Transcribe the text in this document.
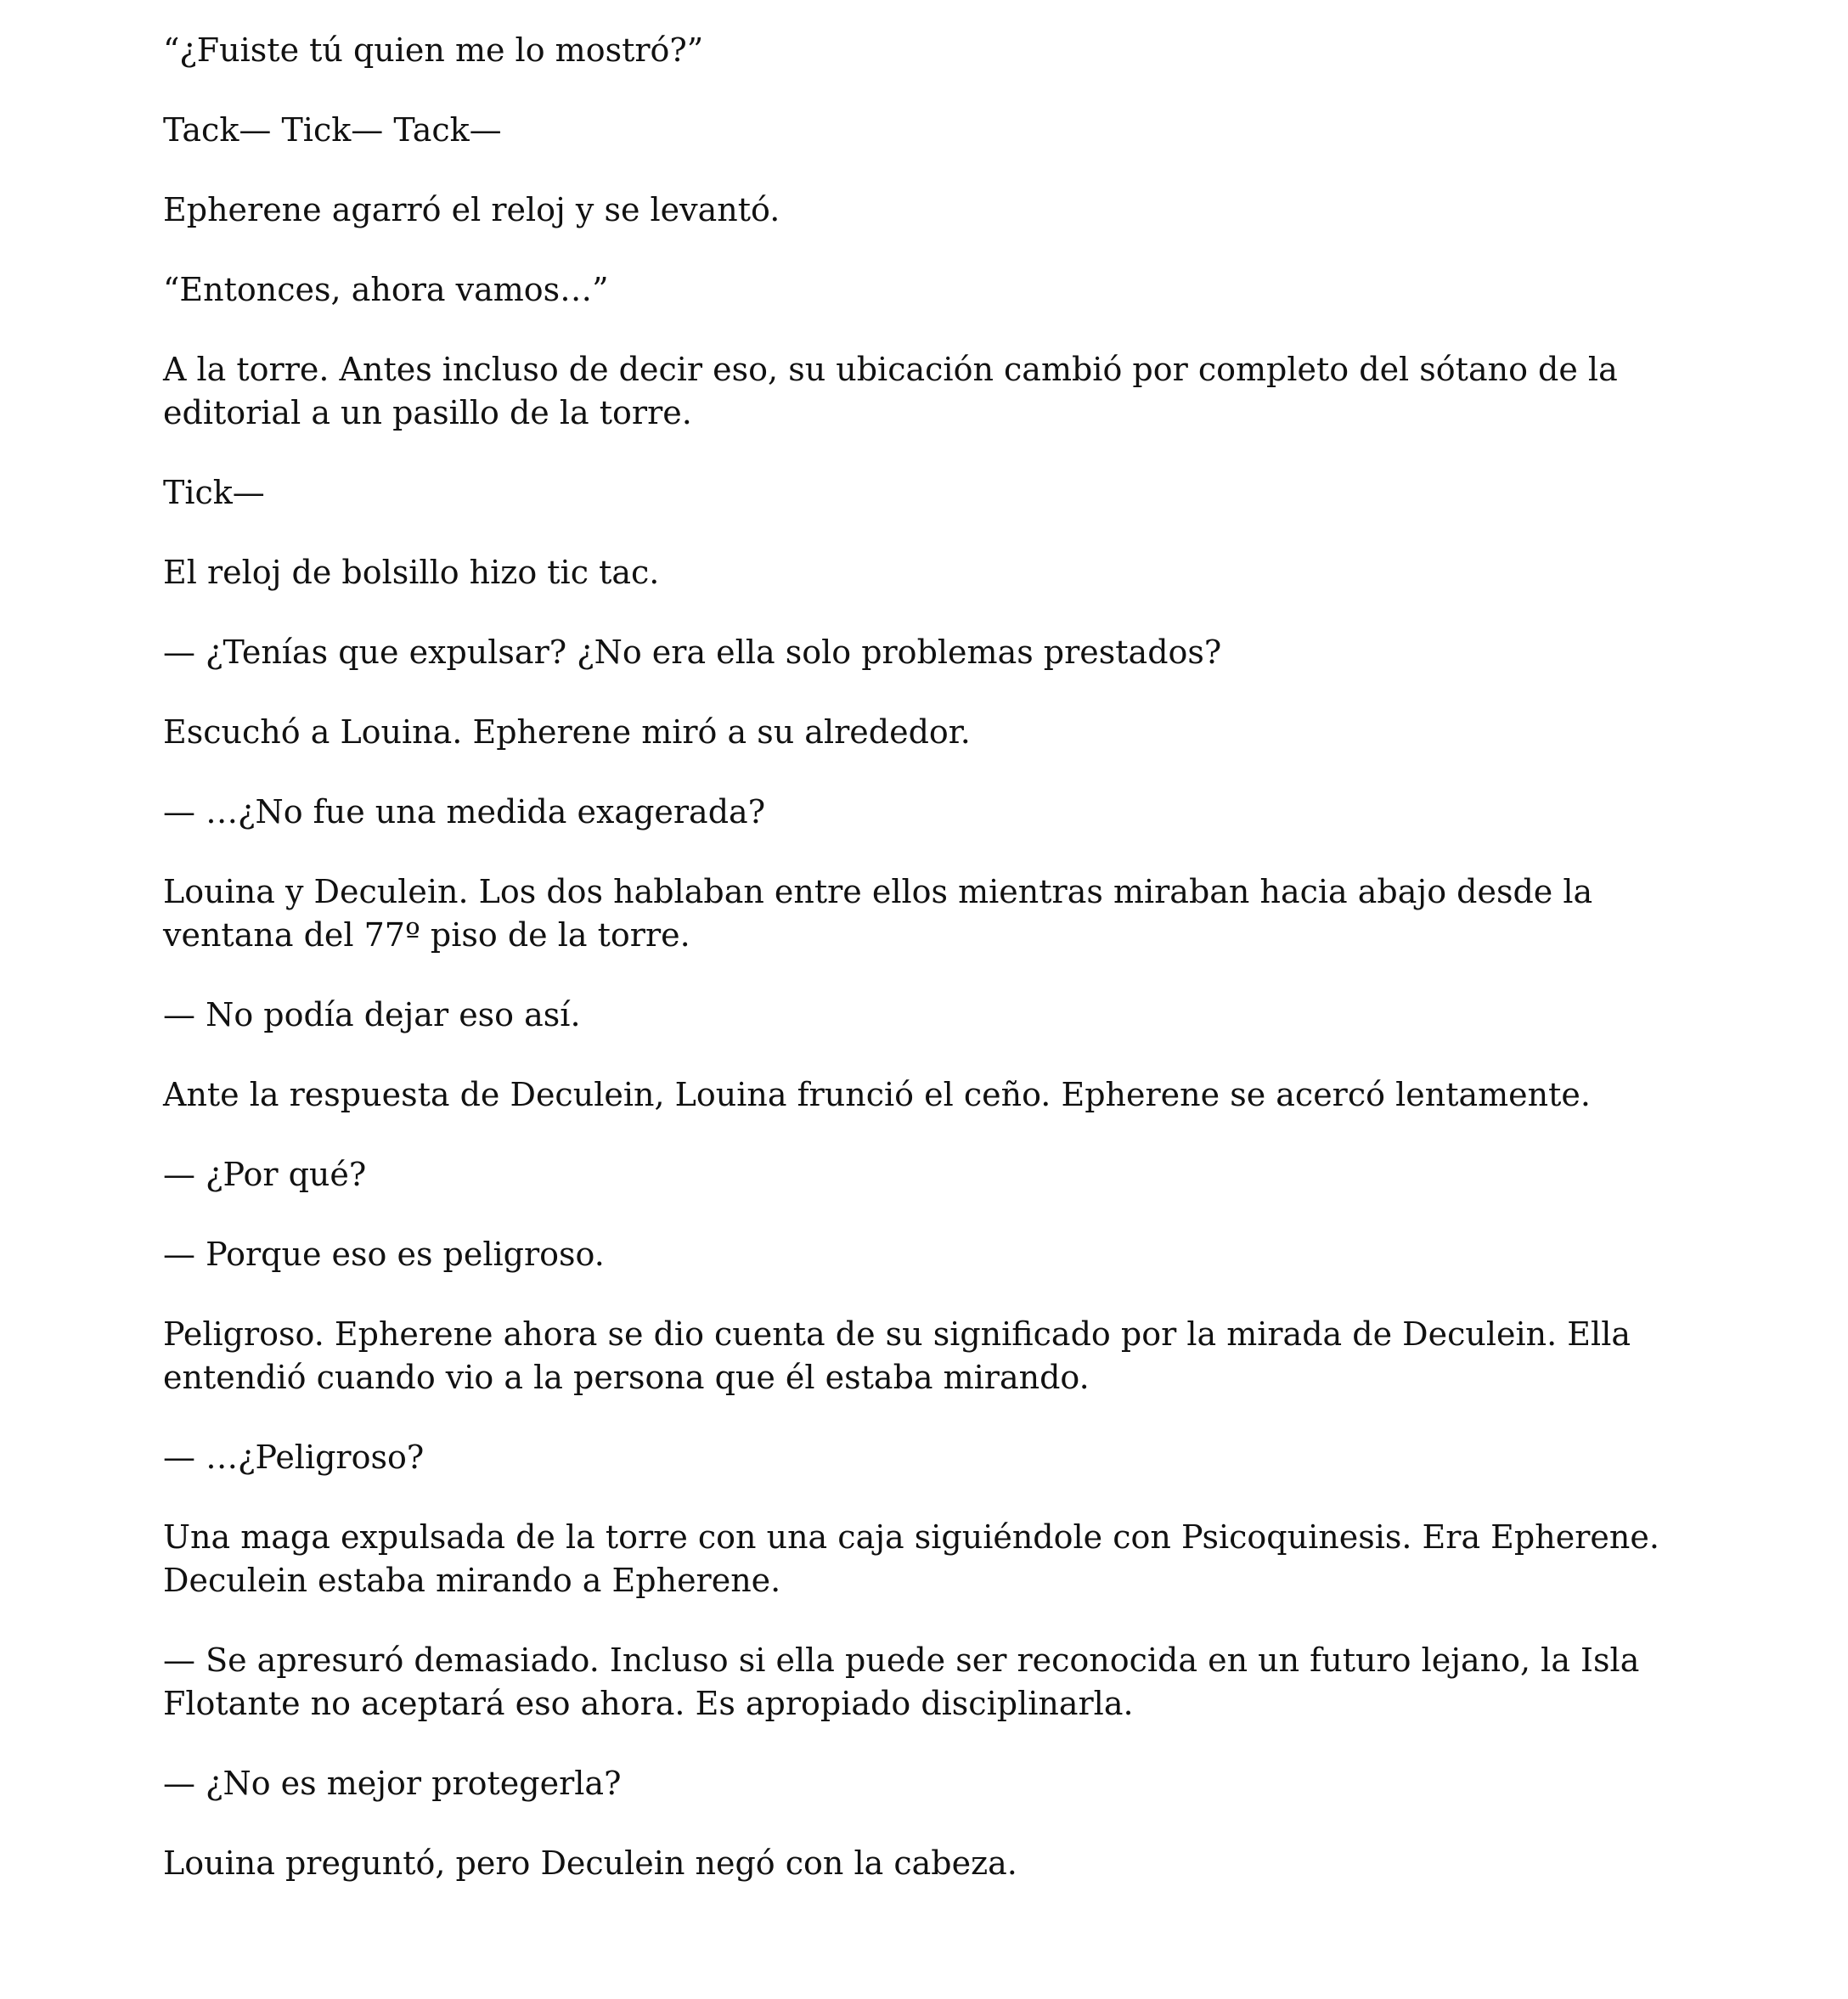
“¿Fuiste tú quien me lo mostró?”

Tack— Tick— Tack—

Epherene agarró el reloj y se levantó.

“Entonces, ahora vamos…”

A la torre. Antes incluso de decir eso, su ubicación cambió por completo del sótano de la editorial a un pasillo de la torre.

Tick—

El reloj de bolsillo hizo tic tac.

— ¿Tenías que expulsar? ¿No era ella solo problemas prestados?

Escuchó a Louina. Epherene miró a su alrededor.

— …¿No fue una medida exagerada?

Louina y Deculein. Los dos hablaban entre ellos mientras miraban hacia abajo desde la ventana del 77º piso de la torre.

— No podía dejar eso así.

Ante la respuesta de Deculein, Louina frunció el ceño. Epherene se acercó lentamente.

— ¿Por qué?

— Porque eso es peligroso.

Peligroso. Epherene ahora se dio cuenta de su significado por la mirada de Deculein. Ella entendió cuando vio a la persona que él estaba mirando.

— …¿Peligroso?

Una maga expulsada de la torre con una caja siguiéndole con Psicoquinesis. Era Epherene. Deculein estaba mirando a Epherene.

— Se apresuró demasiado. Incluso si ella puede ser reconocida en un futuro lejano, la Isla Flotante no aceptará eso ahora. Es apropiado disciplinarla.

— ¿No es mejor protegerla?

Louina preguntó, pero Deculein negó con la cabeza.
